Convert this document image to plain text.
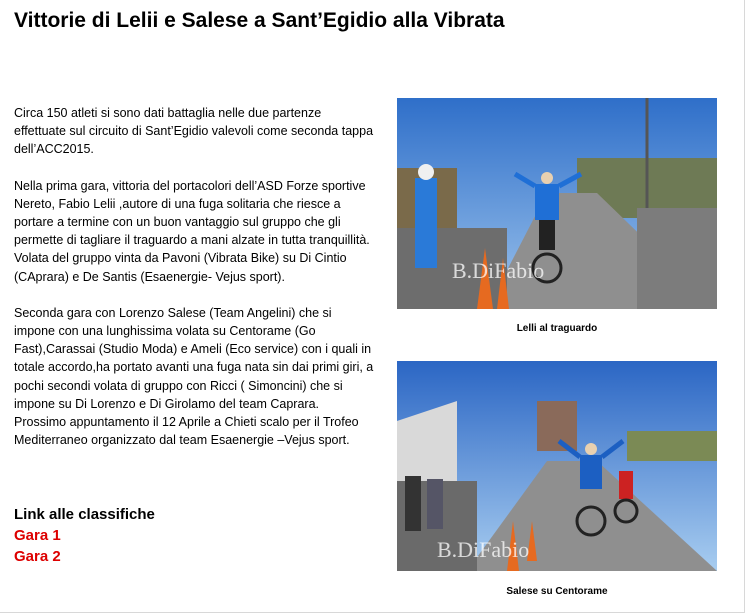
Vittorie di Lelii e Salese a Sant’Egidio alla Vibrata

Circa 150 atleti si sono dati battaglia nelle due partenze effettuate sul circuito di Sant’Egidio valevoli come seconda tappa dell’ACC2015.

Nella prima gara, vittoria del portacolori dell’ASD Forze sportive Nereto, Fabio Lelii ,autore di una fuga solitaria che riesce a portare a termine con un buon vantaggio sul gruppo che gli permette di tagliare il traguardo a mani alzate in tutta tranquillità. Volata del gruppo vinta da Pavoni (Vibrata Bike) su Di Cintio (CAprara) e De Santis (Esaenergie- Vejus sport).

Seconda gara con Lorenzo Salese (Team Angelini) che si impone con una lunghissima volata su Centorame (Go Fast),Carassai (Studio Moda) e Ameli (Eco service) con i quali in totale accordo,ha portato avanti una fuga nata sin dai primi giri, a pochi secondi volata di gruppo con Ricci ( Simoncini) che si impone su Di Lorenzo e Di Girolamo del team Caprara.

Prossimo appuntamento il 12 Aprile a Chieti scalo per il Trofeo Mediterraneo organizzato dal team Esaenergie –Vejus sport.

Link alle classifiche
Gara 1
Gara 2
B.DiFabio
Lelli al traguardo
B.DiFabio
Salese su Centorame
